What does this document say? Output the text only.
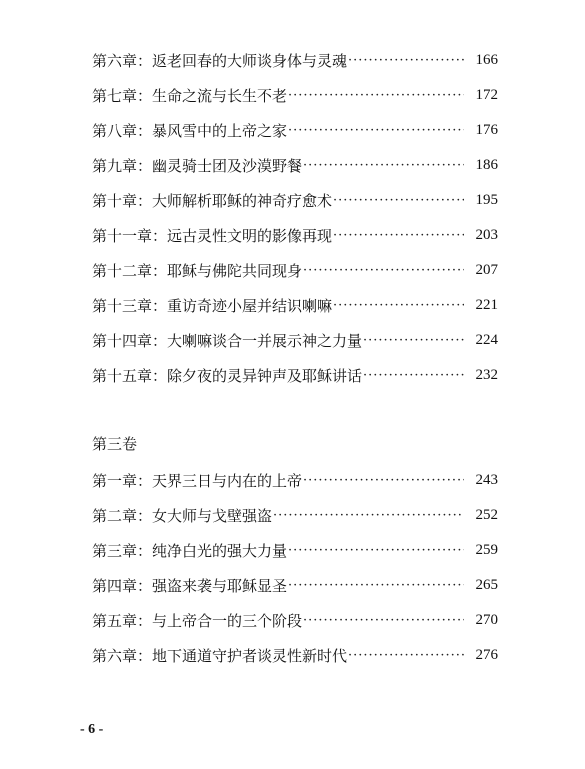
第六章：返老回春的大师谈身体与灵魂 ·····	166
第七章：生命之流与长生不老 ·····	172
第八章：暴风雪中的上帝之家 ·····	176
第九章：幽灵骑士团及沙漠野餐 ·····	186
第十章：大师解析耶稣的神奇疗愈术 ·····	195
第十一章：远古灵性文明的影像再现 ·····	203
第十二章：耶稣与佛陀共同现身 ·····	207
第十三章：重访奇迹小屋并结识喇嘛 ·····	221
第十四章：大喇嘛谈合一并展示神之力量 ·····	224
第十五章：除夕夜的灵异钟声及耶稣讲话 ·····	232
第三卷
第一章：天界三日与内在的上帝 ·····	243
第二章：女大师与戈壁强盗 ·····	252
第三章：纯净白光的强大力量 ·····	259
第四章：强盗来袭与耶稣显圣 ·····	265
第五章：与上帝合一的三个阶段 ·····	270
第六章：地下通道守护者谈灵性新时代 ·····	276
- 6 -
